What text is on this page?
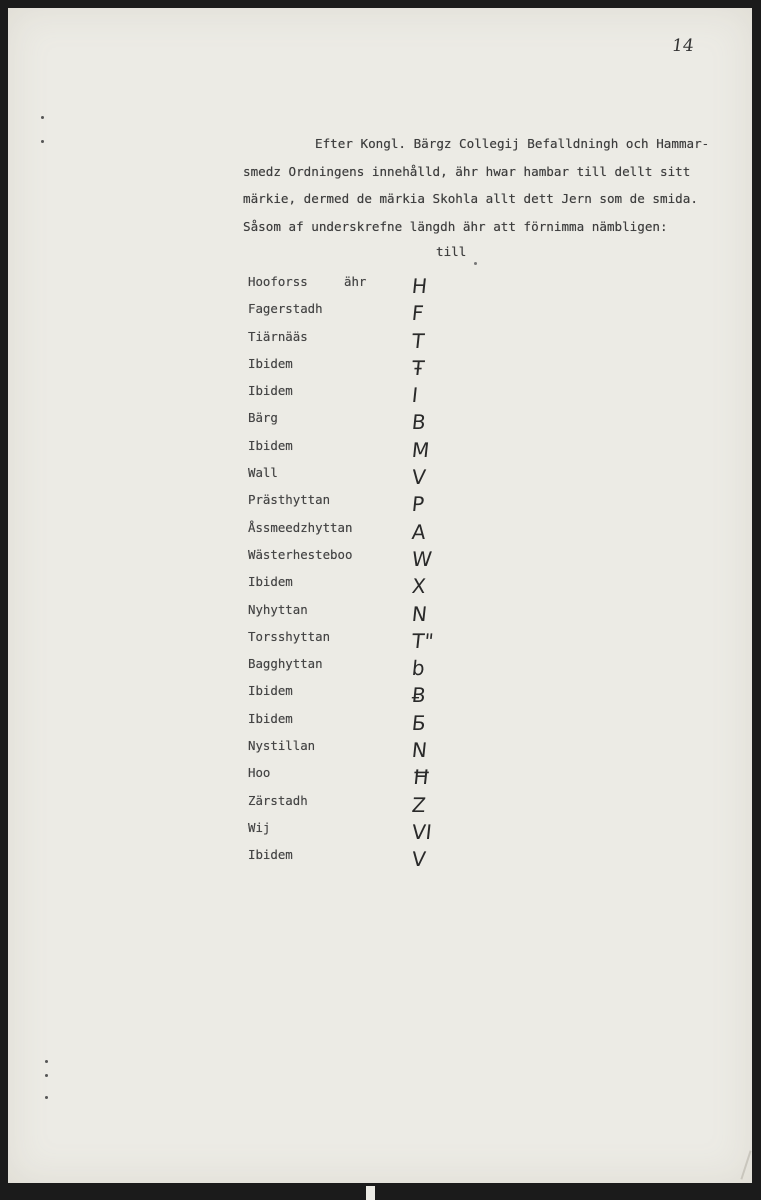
14
Efter Kongl. Bärgz Collegij Befalldningh och Hammar-
smedz Ordningens innehålld, ähr hwar hambar till dellt sitt
märkie, dermed de märkia Skohla allt dett Jern som de smida.
Såsom af underskrefne längdh ähr att förnimma nämbligen:
till
Hooforss	ähr H
Fagerstadh	F
Tiärnääs	T
Ibidem	Ŧ
Ibidem	I
Bärg	B
Ibidem	M
Wall	V
Prästhyttan	P
Åssmeedzhyttan	A
Wästerhesteboo	W
Ibidem	X
Nyhyttan	N
Torsshyttan	T"
Bagghyttan	b
Ibidem	Ƀ
Ibidem	Б
Nystillan	N
Hoo	Ħ
Zärstadh	Z
Wij	VI
Ibidem	V
